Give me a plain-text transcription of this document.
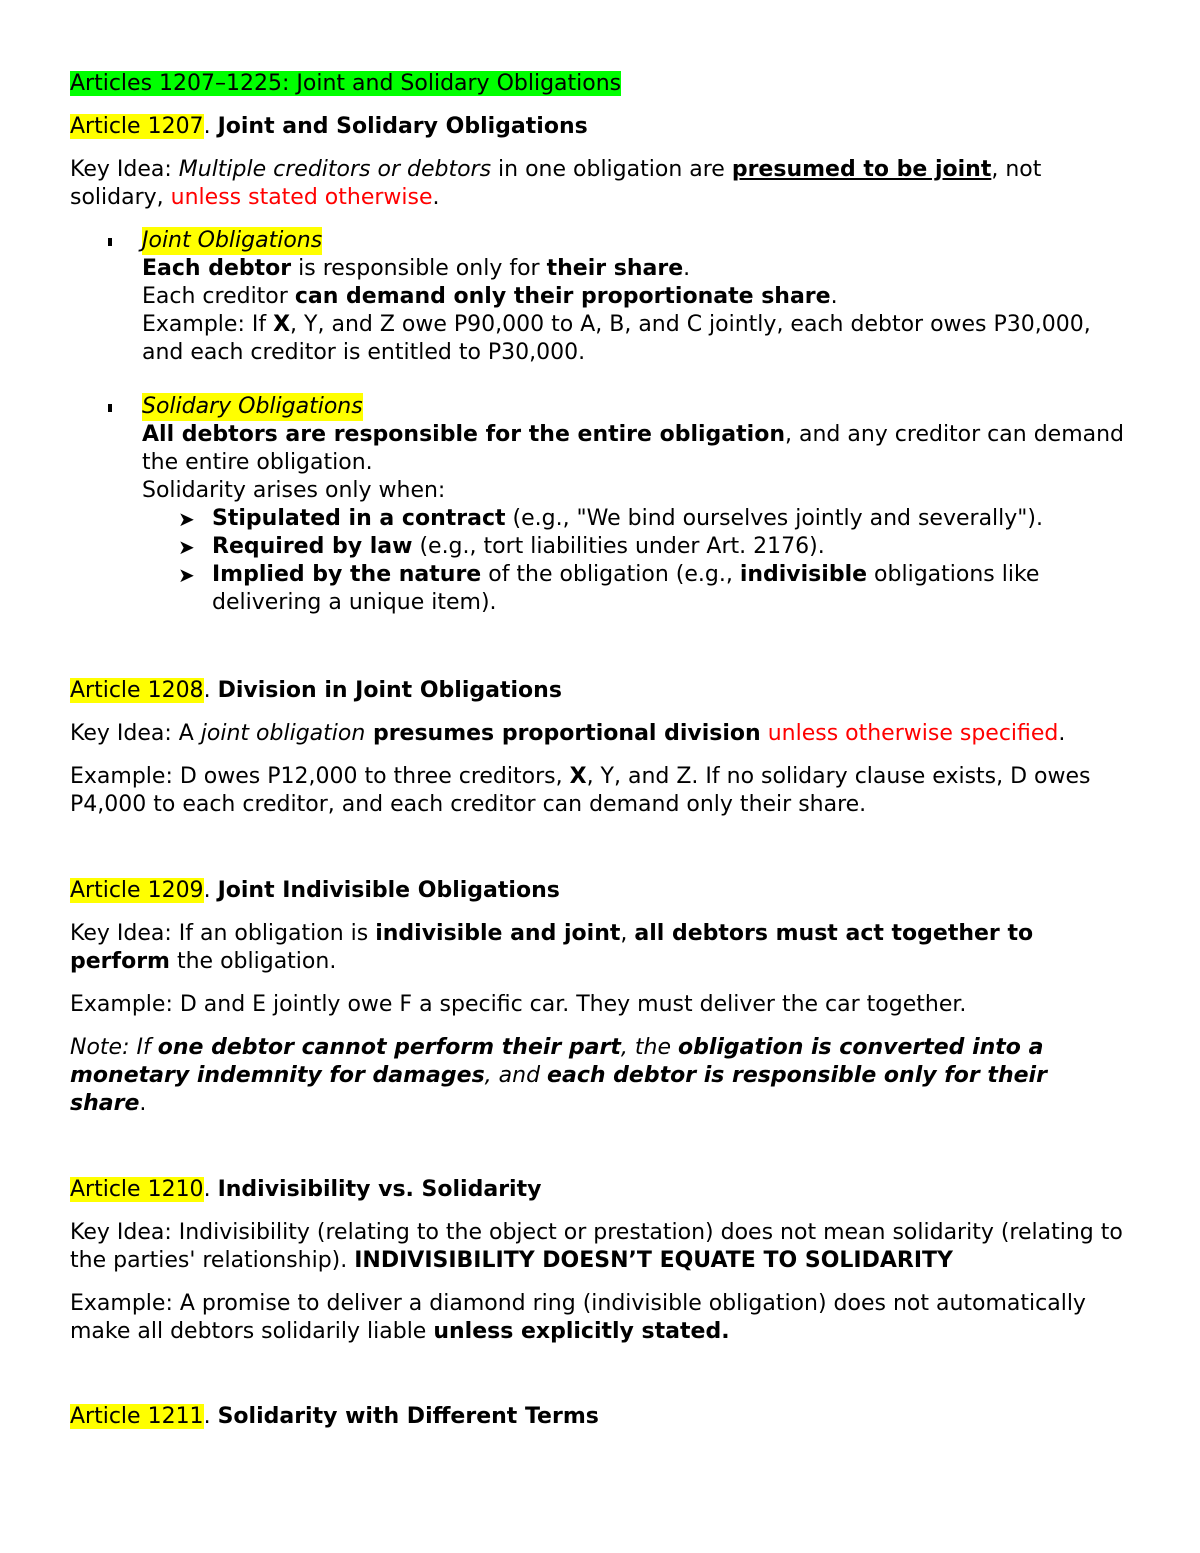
Articles 1207–1225: Joint and Solidary Obligations

Article 1207. Joint and Solidary Obligations

Key Idea: Multiple creditors or debtors in one obligation are presumed to be joint, not solidary, unless stated otherwise.

Joint Obligations

Each debtor is responsible only for their share.

Each creditor can demand only their proportionate share.

Example: If X, Y, and Z owe P90,000 to A, B, and C jointly, each debtor owes P30,000, and each creditor is entitled to P30,000.

Solidary Obligations

All debtors are responsible for the entire obligation, and any creditor can demand the entire obligation.

Solidarity arises only when:

➤ Stipulated in a contract (e.g., "We bind ourselves jointly and severally").

➤ Required by law (e.g., tort liabilities under Art. 2176).

➤ Implied by the nature of the obligation (e.g., indivisible obligations like delivering a unique item).

Article 1208. Division in Joint Obligations

Key Idea: A joint obligation presumes proportional division unless otherwise specified.

Example: D owes P12,000 to three creditors, X, Y, and Z. If no solidary clause exists, D owes P4,000 to each creditor, and each creditor can demand only their share.

Article 1209. Joint Indivisible Obligations

Key Idea: If an obligation is indivisible and joint, all debtors must act together to perform the obligation.

Example: D and E jointly owe F a specific car. They must deliver the car together.

Note: If one debtor cannot perform their part, the obligation is converted into a monetary indemnity for damages, and each debtor is responsible only for their share.

Article 1210. Indivisibility vs. Solidarity

Key Idea: Indivisibility (relating to the object or prestation) does not mean solidarity (relating to the parties' relationship). INDIVISIBILITY DOESN’T EQUATE TO SOLIDARITY

Example: A promise to deliver a diamond ring (indivisible obligation) does not automatically make all debtors solidarily liable unless explicitly stated.

Article 1211. Solidarity with Different Terms
